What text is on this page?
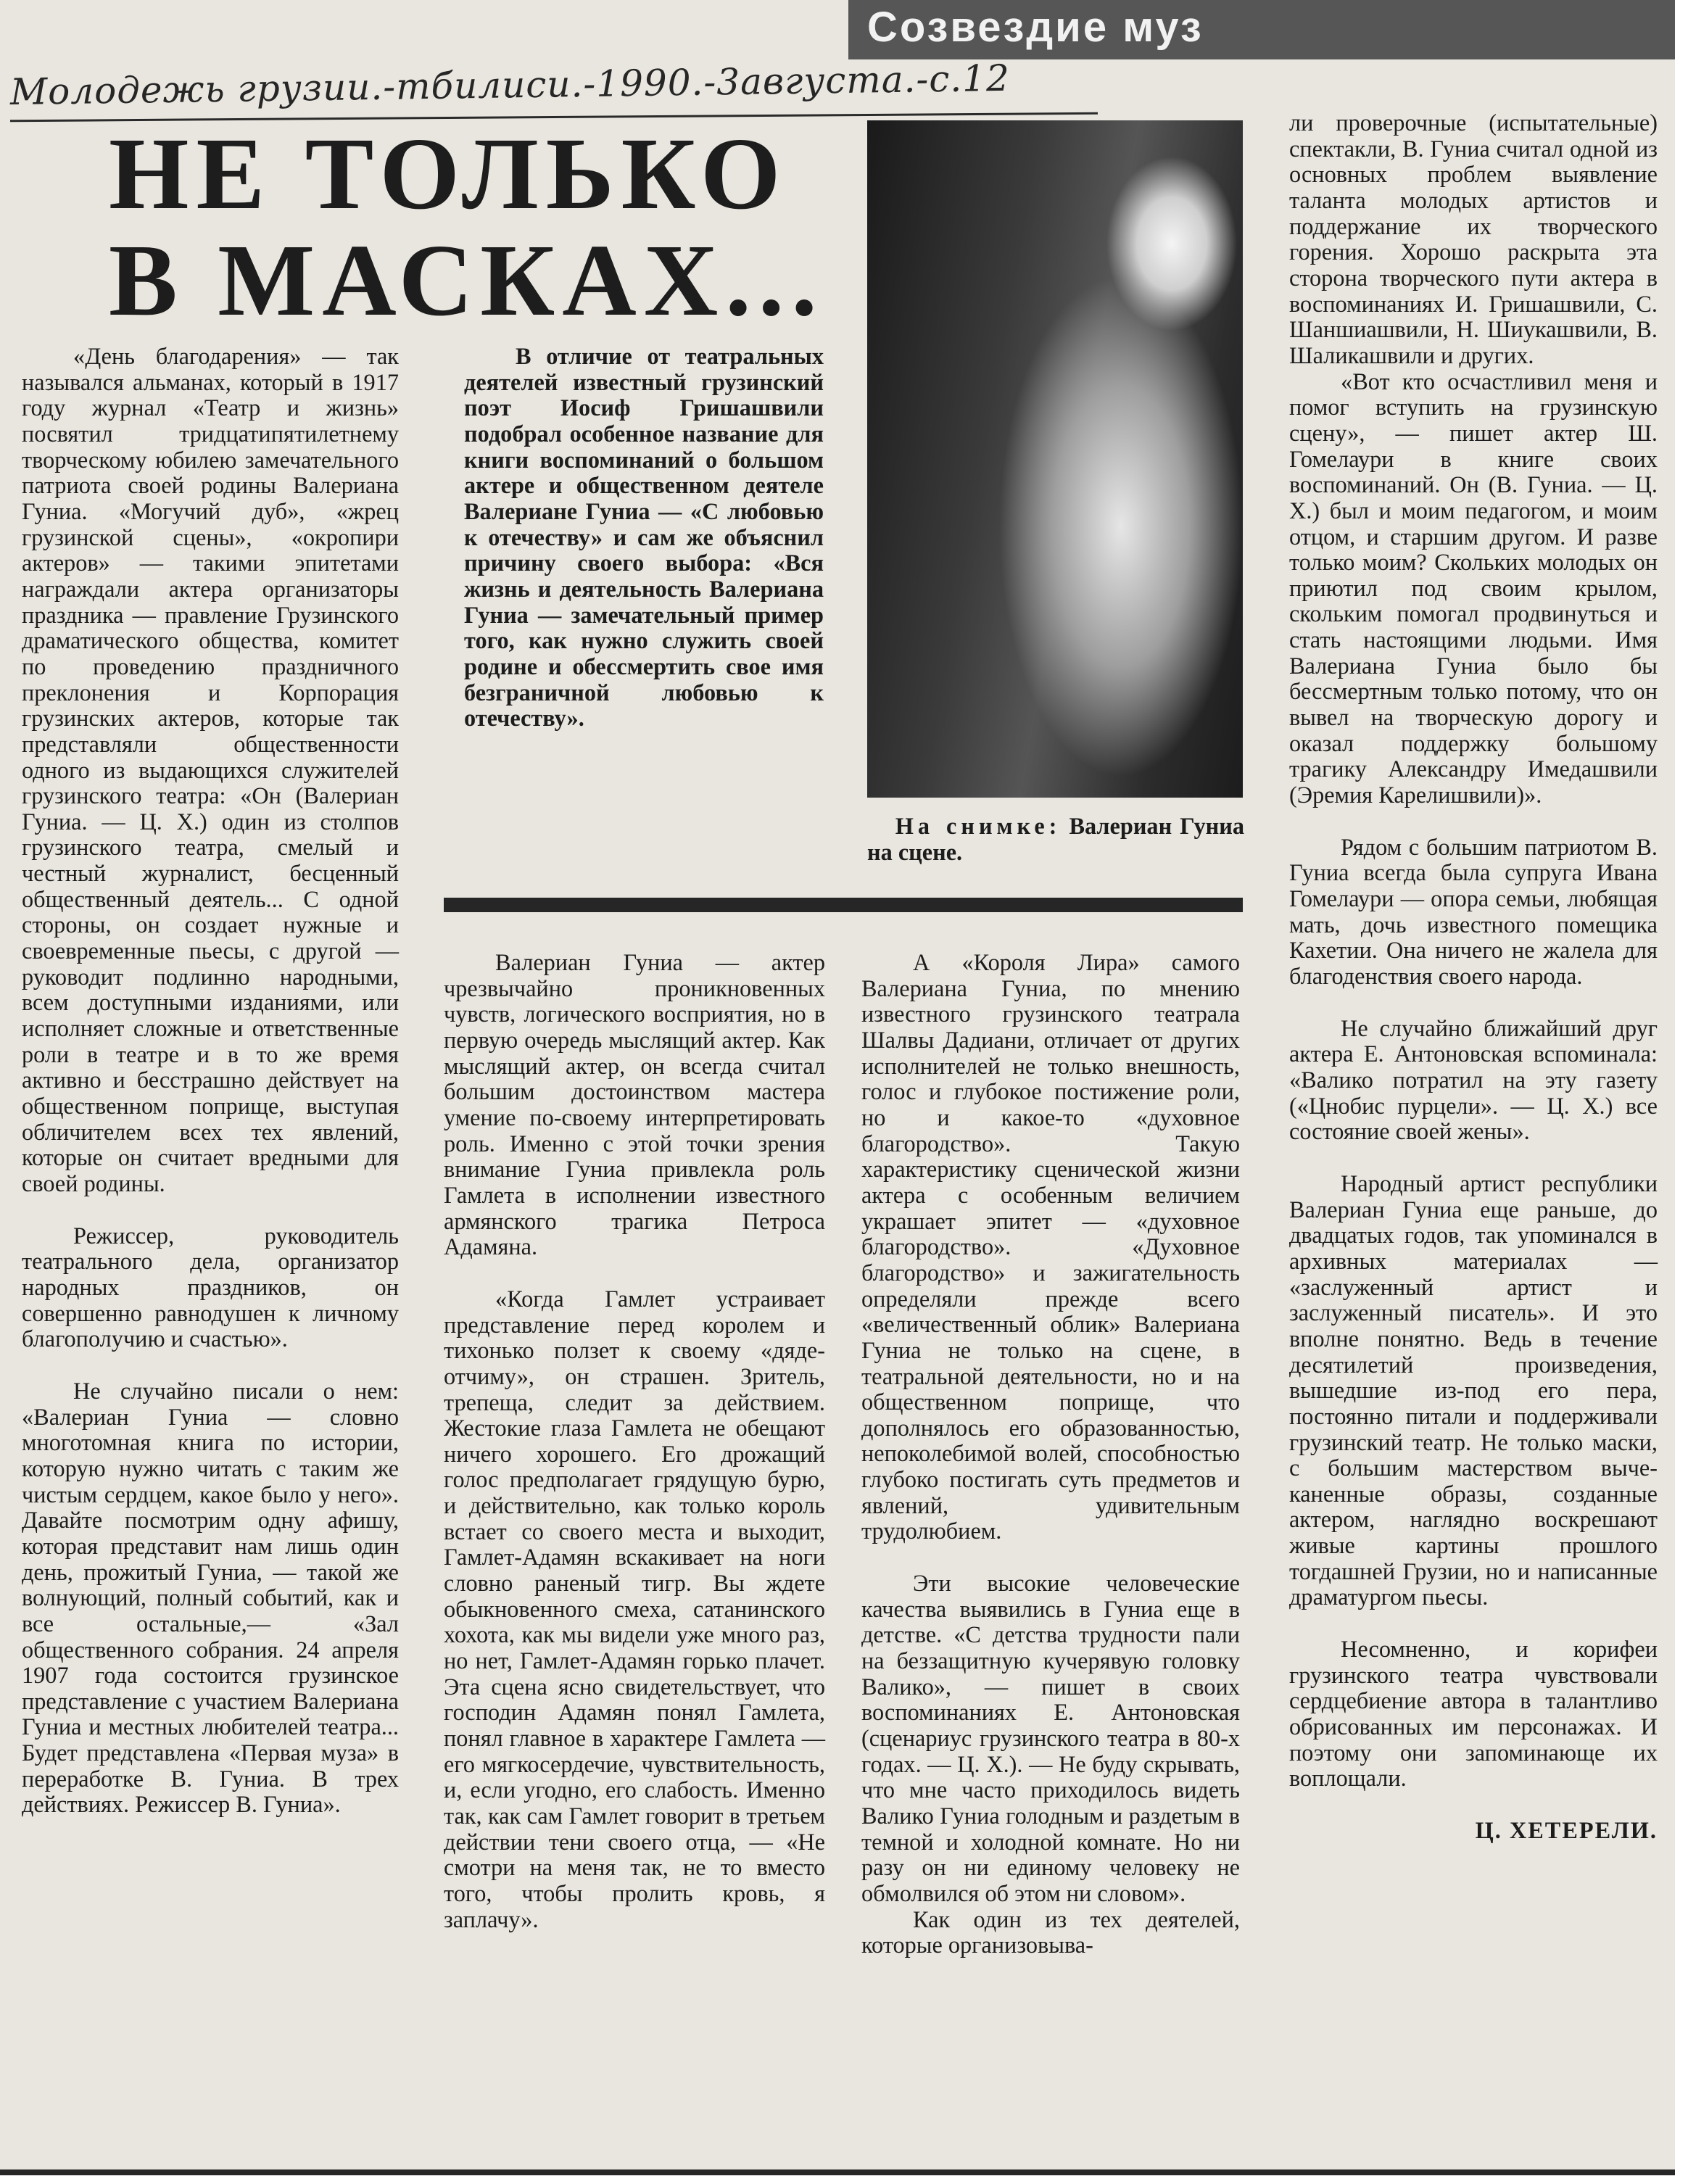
Созвездие муз
Молодежь грузии.-тбилиси.-1990.-3августа.-с.12
НЕ ТОЛЬКО
В МАСКАХ...

В отличие от театральных деятелей известный грузинский поэт Иосиф Гришашвили подобрал особенное название для книги воспоминаний о большом актере и общественном деятеле Валериане Гуниа — «С любовью к отечеству» и сам же объяснил причину своего выбора: «Вся жизнь и деятельность Валериана Гуниа — замечательный пример того, как нужно служить своей родине и обессмертить свое имя безграничной любовью к отечеству».

На снимке: Валериан Гуниа на сцене.

«День благодарения» — так назывался альманах, который в 1917 году журнал «Театр и жизнь» посвятил тридцатипятилетнему творческому юбилею замечательного патриота своей родины Валериана Гуниа. «Могучий дуб», «жрец грузинской сцены», «окропири актеров» — такими эпитетами награждали актера организаторы праздника — правление Грузинского драматического общества, комитет по проведению праздничного преклонения и Корпорация грузинских актеров, которые так представляли общественности одного из выдающихся служителей грузинского театра: «Он (Валериан Гуниа. — Ц. Х.) один из столпов грузинского театра, смелый и честный журналист, бесценный общественный деятель... С одной стороны, он создает нужные и своевременные пьесы, с другой — руководит подлинно народными, всем доступными изданиями, или исполняет сложные и ответственные роли в театре и в то же время активно и бесстрашно действует на общественном поприще, выступая обличителем всех тех явлений, которые он считает вредными для своей родины.

Режиссер, руководитель театрального дела, организатор народных праздников, он совершенно равнодушен к личному благополучию и счастью».

Не случайно писали о нем: «Валериан Гуниа — словно многотомная книга по истории, которую нужно читать с таким же чистым сердцем, какое было у него». Давайте посмотрим одну афишу, которая представит нам лишь один день, прожитый Гуниа, — такой же волнующий, полный событий, как и все остальные,— «Зал общественного собрания. 24 апреля 1907 года состоится грузинское представление с участием Валериана Гуниа и местных любителей театра... Будет представлена «Первая муза» в переработке В. Гуниа. В трех действиях. Режиссер В. Гуниа».

Валериан Гуниа — актер чрезвычайно проникновенных чувств, логического восприятия, но в первую очередь мыслящий актер. Как мыслящий актер, он всегда считал большим достоинством мастера умение по-своему интерпретировать роль. Именно с этой точки зрения внимание Гуниа привлекла роль Гамлета в исполнении известного армянского трагика Петроса Адамяна.

«Когда Гамлет устраивает представление перед королем и тихонько ползет к своему «дяде-отчиму», он страшен. Зритель, трепеща, следит за действием. Жестокие глаза Гамлета не обещают ничего хорошего. Его дрожащий голос предполагает грядущую бурю, и действительно, как только король встает со своего места и выходит, Гамлет-Адамян вскакивает на ноги словно раненый тигр. Вы ждете обыкновенного смеха, сатанинского хохота, как мы видели уже много раз, но нет, Гамлет-Адамян горько плачет. Эта сцена ясно свидетельствует, что господин Адамян понял Гамлета, понял главное в характере Гамлета — его мягкосердечие, чувствительность, и, если угодно, его слабость. Именно так, как сам Гамлет говорит в третьем действии тени своего отца, — «Не смотри на меня так, не то вместо того, чтобы пролить кровь, я заплачу».

А «Короля Лира» самого Валериана Гуниа, по мнению известного грузинского театрала Шалвы Дадиани, отличает от других исполнителей не только внешность, голос и глубокое постижение роли, но и какое-то «духовное благородство». Такую характеристику сценической жизни актера с особенным величием украшает эпитет — «духовное благородство». «Духовное благородство» и зажигательность определяли прежде всего «величественный облик» Валериана Гуниа не только на сцене, в театральной деятельности, но и на общественном поприще, что дополнялось его образованностью, непоколебимой волей, способностью глубоко постигать суть предметов и явлений, удивительным трудолюбием.

Эти высокие человеческие качества выявились в Гуниа еще в детстве. «С детства трудности пали на беззащитную кучерявую головку Валико», — пишет в своих воспоминаниях Е. Антоновская (сценариус грузинского театра в 80-х годах. — Ц. Х.). — Не буду скрывать, что мне часто приходилось видеть Валико Гуниа голодным и раздетым в темной и холодной комнате. Но ни разу он ни единому человеку не обмолвился об этом ни словом».

Как один из тех деятелей, которые организовыва-

ли проверочные (испытательные) спектакли, В. Гуниа считал одной из основных проблем выявление таланта молодых артистов и поддержание их творческого горения. Хорошо раскрыта эта сторона творческого пути актера в воспоминаниях И. Гришашвили, С. Шаншиашвили, Н. Шиукашвили, В. Шаликашвили и других.

«Вот кто осчастливил меня и помог вступить на грузинскую сцену», — пишет актер Ш. Гомелаури в книге своих воспоминаний. Он (В. Гуниа. — Ц. Х.) был и моим педагогом, и моим отцом, и старшим другом. И разве только моим? Скольких молодых он приютил под своим крылом, скольким помогал продвинуться и стать настоящими людьми. Имя Валериана Гуниа было бы бессмертным только потому, что он вывел на творческую дорогу и оказал поддержку большому трагику Александру Имедашвили (Эремия Карелишвили)».

Рядом с большим патриотом В. Гуниа всегда была супруга Ивана Гомелаури — опора семьи, любящая мать, дочь известного помещика Кахетии. Она ничего не жалела для благоденствия своего народа.

Не случайно ближайший друг актера Е. Антоновская вспоминала: «Валико потратил на эту газету («Цнобис пурцели». — Ц. Х.) все состояние своей жены».

Народный артист республики Валериан Гуниа еще раньше, до двадцатых годов, так упоминался в архивных материалах — «заслуженный артист и заслуженный писатель». И это вполне понятно. Ведь в течение десятилетий произведения, вышедшие из-под его пера, постоянно питали и поддерживали грузинский театр. Не только маски, с большим мастерством вычеканенные образы, созданные актером, наглядно воскрешают живые картины прошлого тогдашней Грузии, но и написанные драматургом пьесы.

Несомненно, и корифеи грузинского театра чувствовали сердцебиение автора в талантливо обрисованных им персонажах. И поэтому они запоминающе их воплощали.

Ц. ХЕТЕРЕЛИ.
